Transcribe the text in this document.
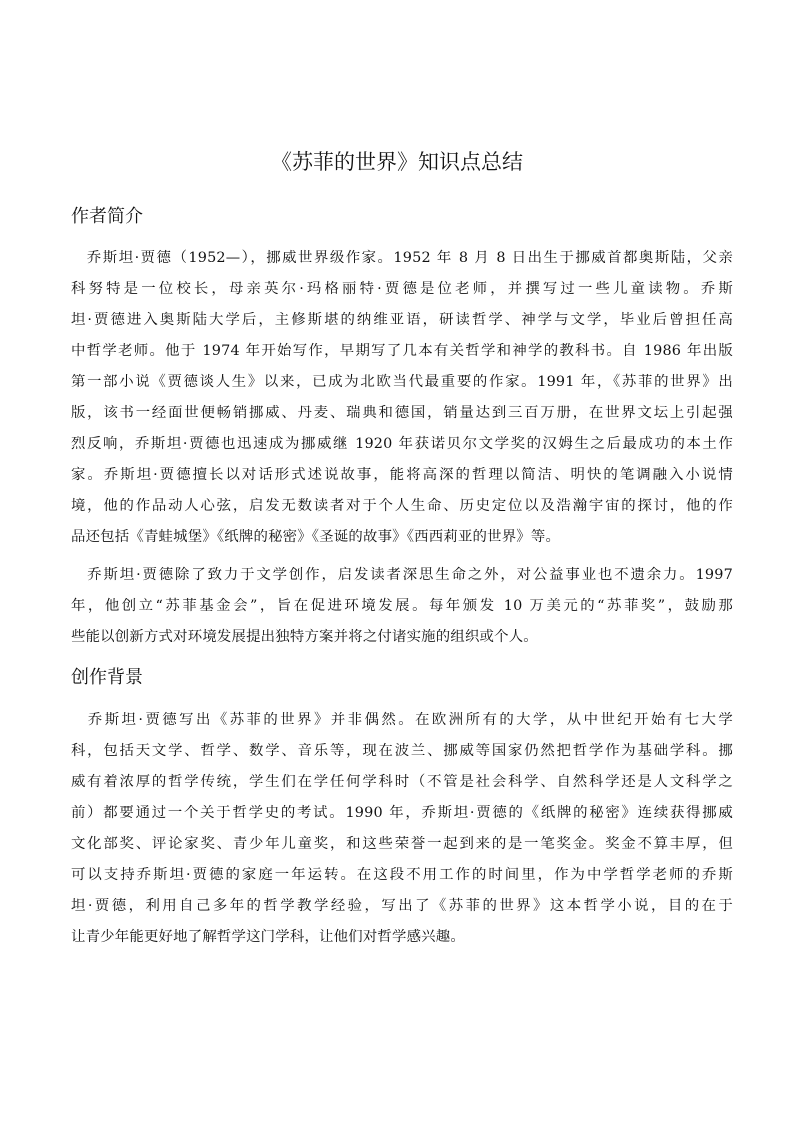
《苏菲的世界》知识点总结
作者简介

　乔斯坦·贾德（1952—），挪威世界级作家。1952 年 8 月 8 日出生于挪威首都奥斯陆，父亲
科努特是一位校长，母亲英尔·玛格丽特·贾德是位老师，并撰写过一些儿童读物。乔斯
坦·贾德进入奥斯陆大学后，主修斯堪的纳维亚语，研读哲学、神学与文学，毕业后曾担任高
中哲学老师。他于 1974 年开始写作，早期写了几本有关哲学和神学的教科书。自 1986 年出版
第一部小说《贾德谈人生》以来，已成为北欧当代最重要的作家。1991 年，《苏菲的世界》出
版，该书一经面世便畅销挪威、丹麦、瑞典和德国，销量达到三百万册，在世界文坛上引起强
烈反响，乔斯坦·贾德也迅速成为挪威继 1920 年获诺贝尔文学奖的汉姆生之后最成功的本土作
家。乔斯坦·贾德擅长以对话形式述说故事，能将高深的哲理以简洁、明快的笔调融入小说情
境，他的作品动人心弦，启发无数读者对于个人生命、历史定位以及浩瀚宇宙的探讨，他的作
品还包括《青蛙城堡》《纸牌的秘密》《圣诞的故事》《西西莉亚的世界》等。

　乔斯坦·贾德除了致力于文学创作，启发读者深思生命之外，对公益事业也不遗余力。1997
年，他创立“苏菲基金会”，旨在促进环境发展。每年颁发 10 万美元的“苏菲奖”，鼓励那
些能以创新方式对环境发展提出独特方案并将之付诸实施的组织或个人。

创作背景

　乔斯坦·贾德写出《苏菲的世界》并非偶然。在欧洲所有的大学，从中世纪开始有七大学
科，包括天文学、哲学、数学、音乐等，现在波兰、挪威等国家仍然把哲学作为基础学科。挪
威有着浓厚的哲学传统，学生们在学任何学科时（不管是社会科学、自然科学还是人文科学之
前）都要通过一个关于哲学史的考试。1990 年，乔斯坦·贾德的《纸牌的秘密》连续获得挪威
文化部奖、评论家奖、青少年儿童奖，和这些荣誉一起到来的是一笔奖金。奖金不算丰厚，但
可以支持乔斯坦·贾德的家庭一年运转。在这段不用工作的时间里，作为中学哲学老师的乔斯
坦·贾德，利用自己多年的哲学教学经验，写出了《苏菲的世界》这本哲学小说，目的在于
让青少年能更好地了解哲学这门学科，让他们对哲学感兴趣。
